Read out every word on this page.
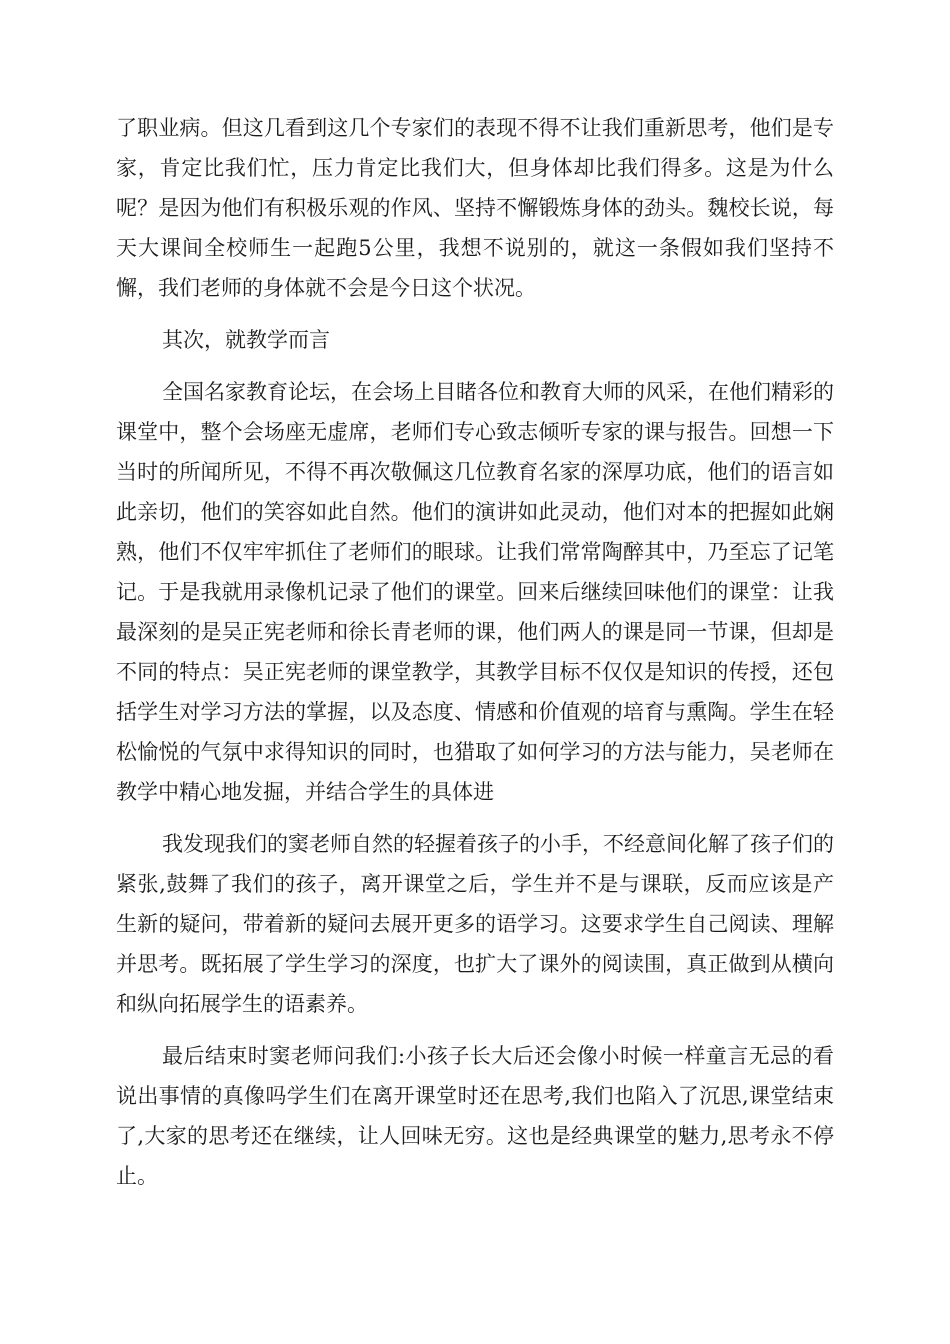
了职业病。但这几看到这几个专家们的表现不得不让我们重新思考，他们是专家，肯定比我们忙，压力肯定比我们大，但身体却比我们得多。这是为什么呢？是因为他们有积极乐观的作风、坚持不懈锻炼身体的劲头。魏校长说，每天大课间全校师生一起跑5公里，我想不说别的，就这一条假如我们坚持不懈，我们老师的身体就不会是今日这个状况。

其次，就教学而言

全国名家教育论坛，在会场上目睹各位和教育大师的风采，在他们精彩的课堂中，整个会场座无虚席，老师们专心致志倾听专家的课与报告。回想一下当时的所闻所见，不得不再次敬佩这几位教育名家的深厚功底，他们的语言如此亲切，他们的笑容如此自然。他们的演讲如此灵动，他们对本的把握如此娴熟，他们不仅牢牢抓住了老师们的眼球。让我们常常陶醉其中，乃至忘了记笔记。于是我就用录像机记录了他们的课堂。回来后继续回味他们的课堂：让我最深刻的是吴正宪老师和徐长青老师的课，他们两人的课是同一节课，但却是不同的特点：吴正宪老师的课堂教学，其教学目标不仅仅是知识的传授，还包括学生对学习方法的掌握，以及态度、情感和价值观的培育与熏陶。学生在轻松愉悦的气氛中求得知识的同时，也猎取了如何学习的方法与能力，吴老师在教学中精心地发掘，并结合学生的具体进

我发现我们的窦老师自然的轻握着孩子的小手，不经意间化解了孩子们的紧张,鼓舞了我们的孩子，离开课堂之后，学生并不是与课联，反而应该是产生新的疑问，带着新的疑问去展开更多的语学习。这要求学生自己阅读、理解并思考。既拓展了学生学习的深度，也扩大了课外的阅读围，真正做到从横向和纵向拓展学生的语素养。

最后结束时窦老师问我们:小孩子长大后还会像小时候一样童言无忌的看说出事情的真像吗学生们在离开课堂时还在思考,我们也陷入了沉思,课堂结束了,大家的思考还在继续，让人回味无穷。这也是经典课堂的魅力,思考永不停止。
